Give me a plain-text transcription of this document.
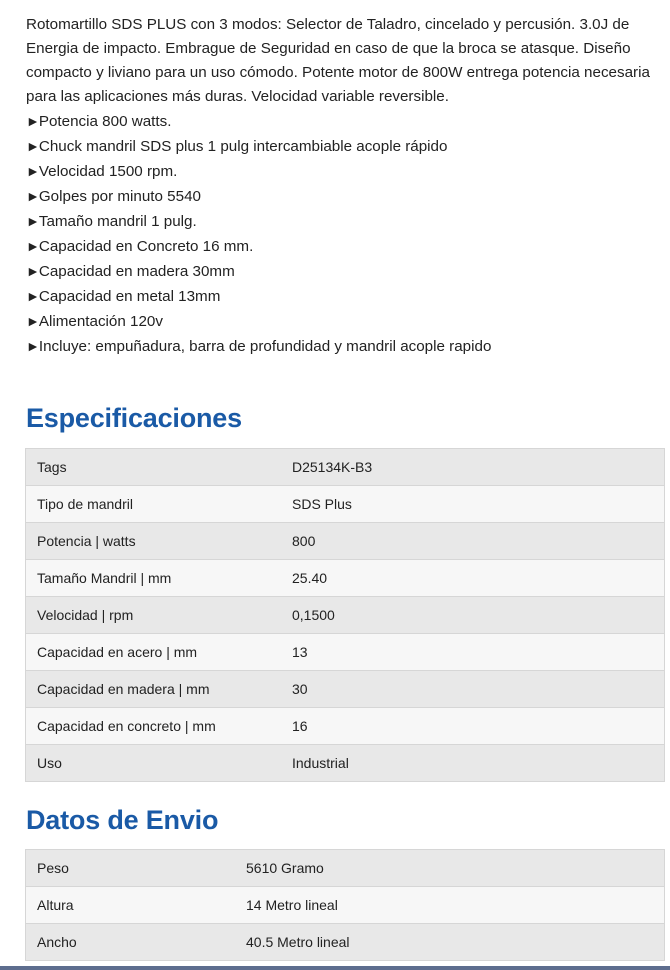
Rotomartillo SDS PLUS con 3 modos: Selector de Taladro, cincelado y percusión. 3.0J de Energia de impacto. Embrague de Seguridad en caso de que la broca se atasque. Diseño compacto y liviano para un uso cómodo. Potente motor de 800W entrega potencia necesaria para las aplicaciones más duras. Velocidad variable reversible.

►Potencia 800 watts.
►Chuck mandril SDS plus 1 pulg intercambiable acople rápido
►Velocidad 1500 rpm.
►Golpes por minuto 5540
►Tamaño mandril 1 pulg.
►Capacidad en Concreto 16 mm.
►Capacidad en madera 30mm
►Capacidad en metal 13mm
►Alimentación 120v
►Incluye: empuñadura, barra de profundidad y mandril acople rapido
Especificaciones
Tags	D25134K-B3
Tipo de mandril	SDS Plus
Potencia | watts	800
Tamaño Mandril | mm	25.40
Velocidad | rpm	0,1500
Capacidad en acero | mm	13
Capacidad en madera | mm	30
Capacidad en concreto | mm	16
Uso	Industrial
Datos de Envio
Peso	5610 Gramo
Altura	14 Metro lineal
Ancho	40.5 Metro lineal
